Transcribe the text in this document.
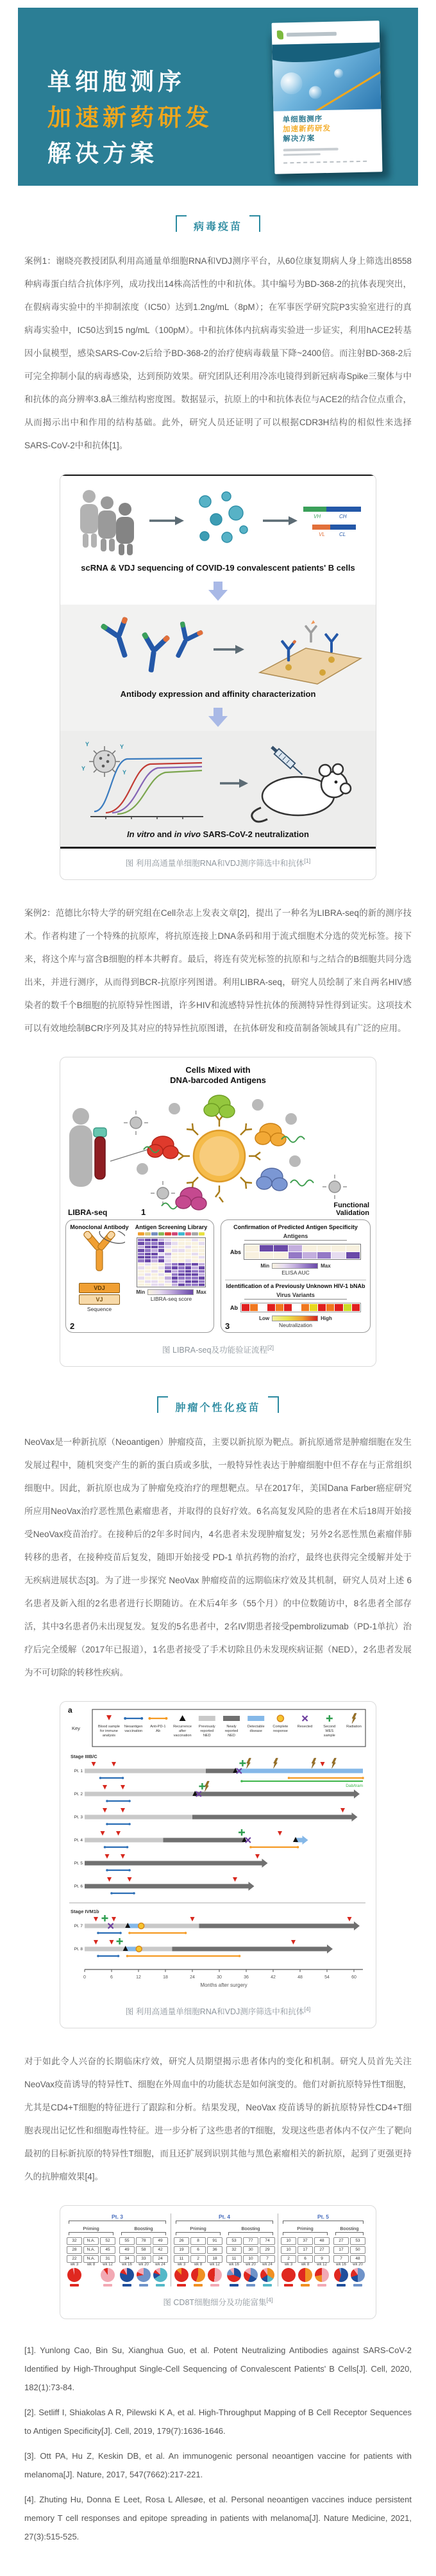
单细胞测序
加速新药研发
解决方案
单细胞测序
加速新药研发
解决方案
病毒疫苗

案例1：谢晓亮教授团队利用高通量单细胞RNA和VDJ测序平台，从60位康复期病人身上筛选出8558种病毒蛋白结合抗体序列，成功找出14株高活性的中和抗体。其中编号为BD-368-2的抗体表现突出，在假病毒实验中的半抑制浓度（IC50）达到1.2ng/mL（8pM）；在军事医学研究院P3实验室进行的真病毒实验中，IC50达到15 ng/mL（100pM）。中和抗体体内抗病毒实验进一步证实，利用hACE2转基因小鼠模型，感染SARS-Cov-2后给予BD-368-2的治疗使病毒载量下降~2400倍。而注射BD-368-2后可完全抑制小鼠的病毒感染，达到预防效果。研究团队还利用冷冻电镜得到新冠病毒Spike三聚体与中和抗体的高分辨率3.8Å三维结构密度图。数据显示，抗原上的中和抗体表位与ACE2的结合位点重合，从而揭示出中和作用的结构基础。此外，研究人员还证明了可以根据CDR3H结构的相似性来选择SARS-CoV-2中和抗体[1]。

VH	CH
VL	CL
scRNA & VDJ sequencing of COVID-19 convalescent patients' B cells
Antibody expression and affinity characterization
Y	Y
Y
Y
In vitro and in vivo SARS-CoV-2 neutralization
图 利用高通量单细胞RNA和VDJ测序筛选中和抗体[1]

案例2：范德比尔特大学的研究组在Cell杂志上发表文章[2]，提出了一种名为LIBRA-seq的新的测序技术。作者构建了一个特殊的抗原库，将抗原连接上DNA条码和用于流式细胞术分选的荧光标签。接下来，将这个库与富含B细胞的样本共孵育。最后，将连有荧光标签的抗原和与之结合的B细胞共同分选出来，并进行测序，从而得到BCR-抗原序列图谱。利用LIBRA-seq，研究人员绘制了来自两名HIV感染者的数千个B细胞的抗原特异性图谱，许多HIV和流感特异性抗体的预测特异性得到证实。这项技术可以有效地绘制BCR序列及其对应的特异性抗原图谱，在抗体研发和疫苗制备领域具有广泛的应用。

Cells Mixed with
DNA-barcoded Antigens
LIBRA-seq	1
Functional Validation
Monoclonal Antibody
VDJ
VJ
Sequence
Antigen Screening Library
Min	Max
LIBRA-seq score
2
Confirmation of Predicted Antigen Specificity
Antigens
Abs
Min	Max
ELISA AUC
Identification of a Previously Unknown HIV-1 bNAb
Virus Variants
Ab
Low	High
Neutralization
3
图 LIBRA-seq及功能验证流程[2]
肿瘤个性化疫苗

NeoVax是一种新抗原（Neoantigen）肿瘤疫苗，主要以新抗原为靶点。新抗原通常是肿瘤细胞在发生发展过程中，随机突变产生的新的蛋白质或多肽，一般特异性表达于肿瘤细胞中但不存在与正常组织细胞中。因此，新抗原也成为了肿瘤免疫治疗的理想靶点。早在2017年，美国Dana Farber癌症研究所应用NeoVax治疗恶性黑色素瘤患者，并取得的良好疗效。6名高复发风险的患者在术后18周开始接受NeoVax疫苗治疗。在接种后的2年多时间内，4名患者未发现肿瘤复发；另外2名恶性黑色素瘤伴肺转移的患者，在接种疫苗后复发，随即开始接受 PD-1 单抗药物的治疗，最终也获得完全缓解并处于无疾病进展状态[3]。为了进一步探究 NeoVax 肿瘤疫苗的远期临床疗效及其机制，研究人员对上述 6 名患者及新入组的2名患者进行长期随访。在术后4年多（55个月）的中位数随访中，8名患者全部存活，其中3名患者仍未出现复发。复发的5名患者中，2名IV期患者接受pembrolizumab（PD-1单抗）治疗后完全缓解（2017年已报道），1名患者接受了手术切除且仍未发现疾病证据（NED），2名患者发展为不可切除的转移性疾病。

a
Key	Blood sample
for immune
analysis
Neoantigen
vaccination
Anti-PD-1
Ab
Recurrence
after
vaccination
Previously
reported
NED
Newly
reported
NED
Detectable
disease
Complete
response
Resected	Second
WES
sample
Radiation
Stage IIIB/C
Pt. 1
Dab/tram
Pt. 2
Pt. 3
Pt. 4
Pt. 5
Pt. 6
Stage IVM1b
Pt. 7
Pt. 8
0	6	12	18	24	30	36	42	48	54	60
Months after surgery
图 利用高通量单细胞RNA和VDJ测序筛选中和抗体[4]

对于如此令人兴奋的长期临床疗效，研究人员期望揭示患者体内的变化和机制。研究人员首先关注NeoVax疫苗诱导的特异性T、细胞在外周血中的功能状态是如何演变的。他们对新抗原特异性T细胞，尤其是CD4+T细胞的特征进行了跟踪和分析。结果发现，NeoVax 疫苗诱导的新抗原特异性CD4+T细胞表现出记忆性和细胞毒性特征。进一步分析了这些患者的T细胞，发现这些患者体内不仅产生了靶向最初的目标新抗原的特异性T细胞，而且还扩展到识别其他与黑色素瘤相关的新抗原，起到了更强更持久的抗肿瘤效果[4]。

Pt. 3
Priming
32	N.A.	52
28	N.A.	45
22	N.A.	31
wk 3	wk 8	wk 12
Boosting
55	78	49
49	58	42
34	33	24
wk 16	wk 20	wk 24
Pt. 4
Priming
26	8	91
19	6	36
11	2	18
wk 3	wk 8	wk 12
Boosting
53	77	74
32	30	29
11	10	7
wk 16	wk 20	wk 24
Pt. 5
Priming
10	37	48
10	17	27
2	6	9
wk 3	wk 8	wk 12
Boosting
27	53
17	50
7	48
wk 16	wk 20
图 CD8T细胞细分及功能富集[4]

[1]. Yunlong Cao, Bin Su, Xianghua Guo, et al. Potent Neutralizing Antibodies against SARS-CoV-2 Identified by High-Throughput Single-Cell Sequencing of Convalescent Patients' B Cells[J]. Cell, 2020, 182(1):73-84.

[2]. Setliff I, Shiakolas A R, Pilewski K A, et al. High-Throughput Mapping of B Cell Receptor Sequences to Antigen Specificity[J]. Cell, 2019, 179(7):1636-1646.

[3]. Ott PA, Hu Z, Keskin DB, et al. An immunogenic personal neoantigen vaccine for patients with melanoma[J]. Nature, 2017, 547(7662):217-221.

[4]. Zhuting Hu, Donna E Leet, Rosa L Allesøe, et al. Personal neoantigen vaccines induce persistent memory T cell responses and epitope spreading in patients with melanoma[J]. Nature Medicine, 2021, 27(3):515-525.
